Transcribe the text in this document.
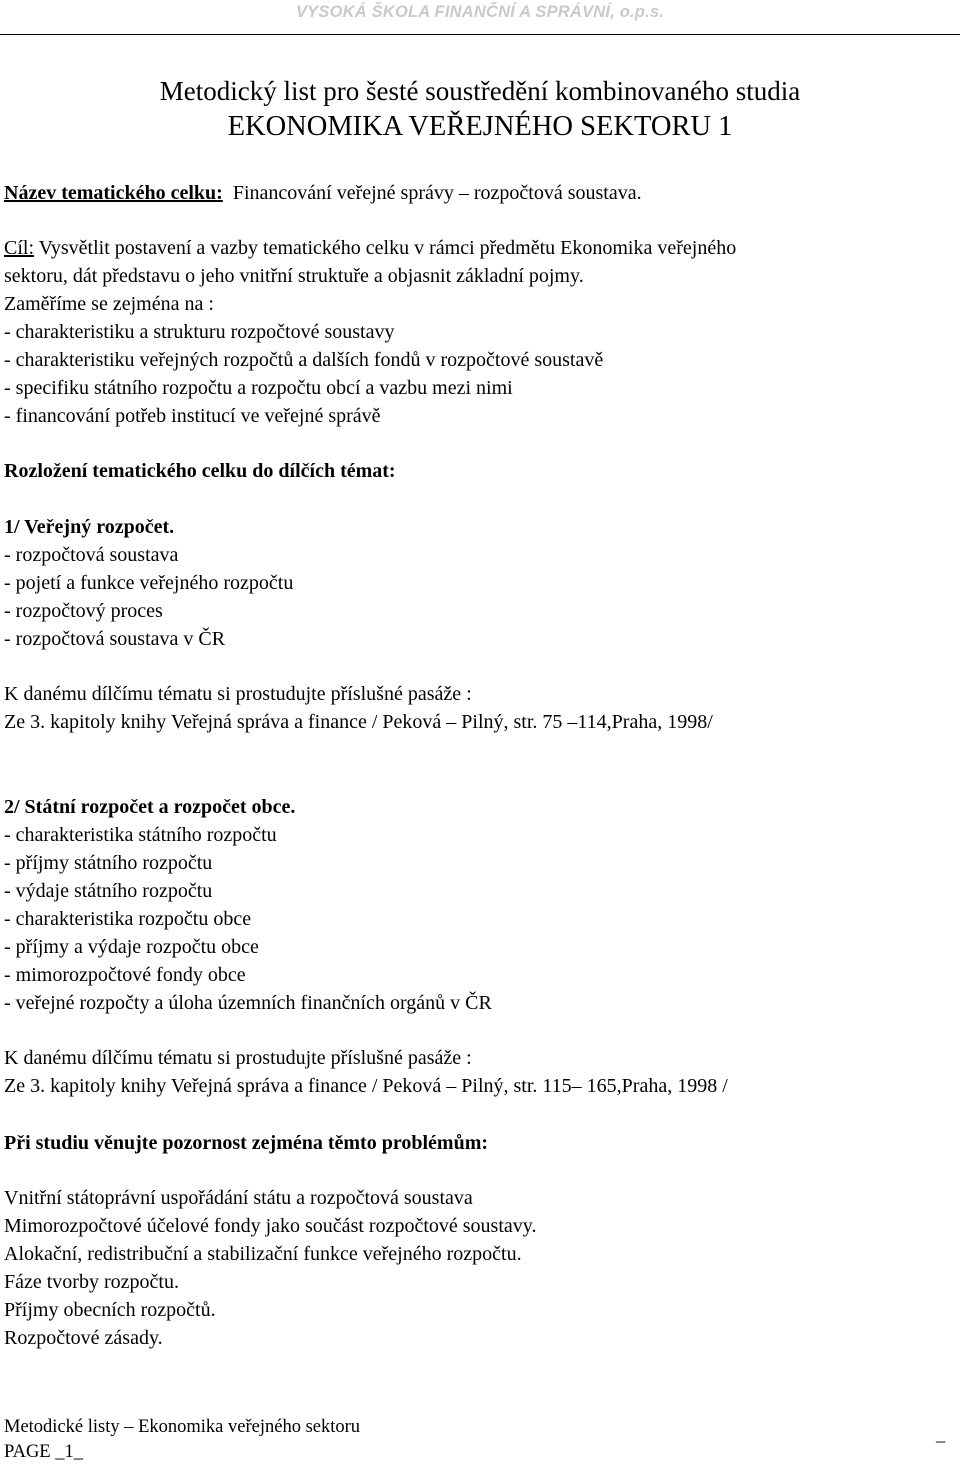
VYSOKÁ ŠKOLA FINANČNÍ A SPRÁVNÍ, o.p.s.
Metodický list pro šesté soustředění kombinovaného studia
EKONOMIKA VEŘEJNÉHO SEKTORU 1
Název tematického celku: Financování veřejné správy – rozpočtová soustava.
Cíl: Vysvětlit postavení a vazby tematického celku v rámci předmětu Ekonomika veřejného
sektoru, dát představu o jeho vnitřní struktuře a objasnit základní pojmy.
Zaměříme se zejména na :
- charakteristiku a strukturu rozpočtové soustavy
- charakteristiku veřejných rozpočtů a dalších fondů v rozpočtové soustavě
- specifiku státního rozpočtu a rozpočtu obcí a vazbu mezi nimi
- financování potřeb institucí ve veřejné správě
Rozložení tematického celku do dílčích témat:
1/ Veřejný rozpočet.
- rozpočtová soustava
- pojetí a funkce veřejného rozpočtu
- rozpočtový proces
- rozpočtová soustava v ČR
K danému dílčímu tématu si prostudujte příslušné pasáže :
Ze 3. kapitoly knihy Veřejná správa a finance / Peková – Pilný, str. 75 –114,Praha, 1998/
2/ Státní rozpočet a rozpočet obce.
- charakteristika státního rozpočtu
- příjmy státního rozpočtu
- výdaje státního rozpočtu
- charakteristika rozpočtu obce
- příjmy a výdaje rozpočtu obce
- mimorozpočtové fondy obce
- veřejné rozpočty a úloha územních finančních orgánů v ČR
K danému dílčímu tématu si prostudujte příslušné pasáže :
Ze 3. kapitoly knihy Veřejná správa a finance / Peková – Pilný, str. 115– 165,Praha, 1998 /
Při studiu věnujte pozornost zejména těmto problémům:
Vnitřní státoprávní uspořádání státu a rozpočtová soustava
Mimorozpočtové účelové fondy jako součást rozpočtové soustavy.
Alokační, redistribuční a stabilizační funkce veřejného rozpočtu.
Fáze tvorby rozpočtu.
Příjmy obecních rozpočtů.
Rozpočtové zásady.
Metodické listy – Ekonomika veřejného sektoru
PAGE _1_
_
